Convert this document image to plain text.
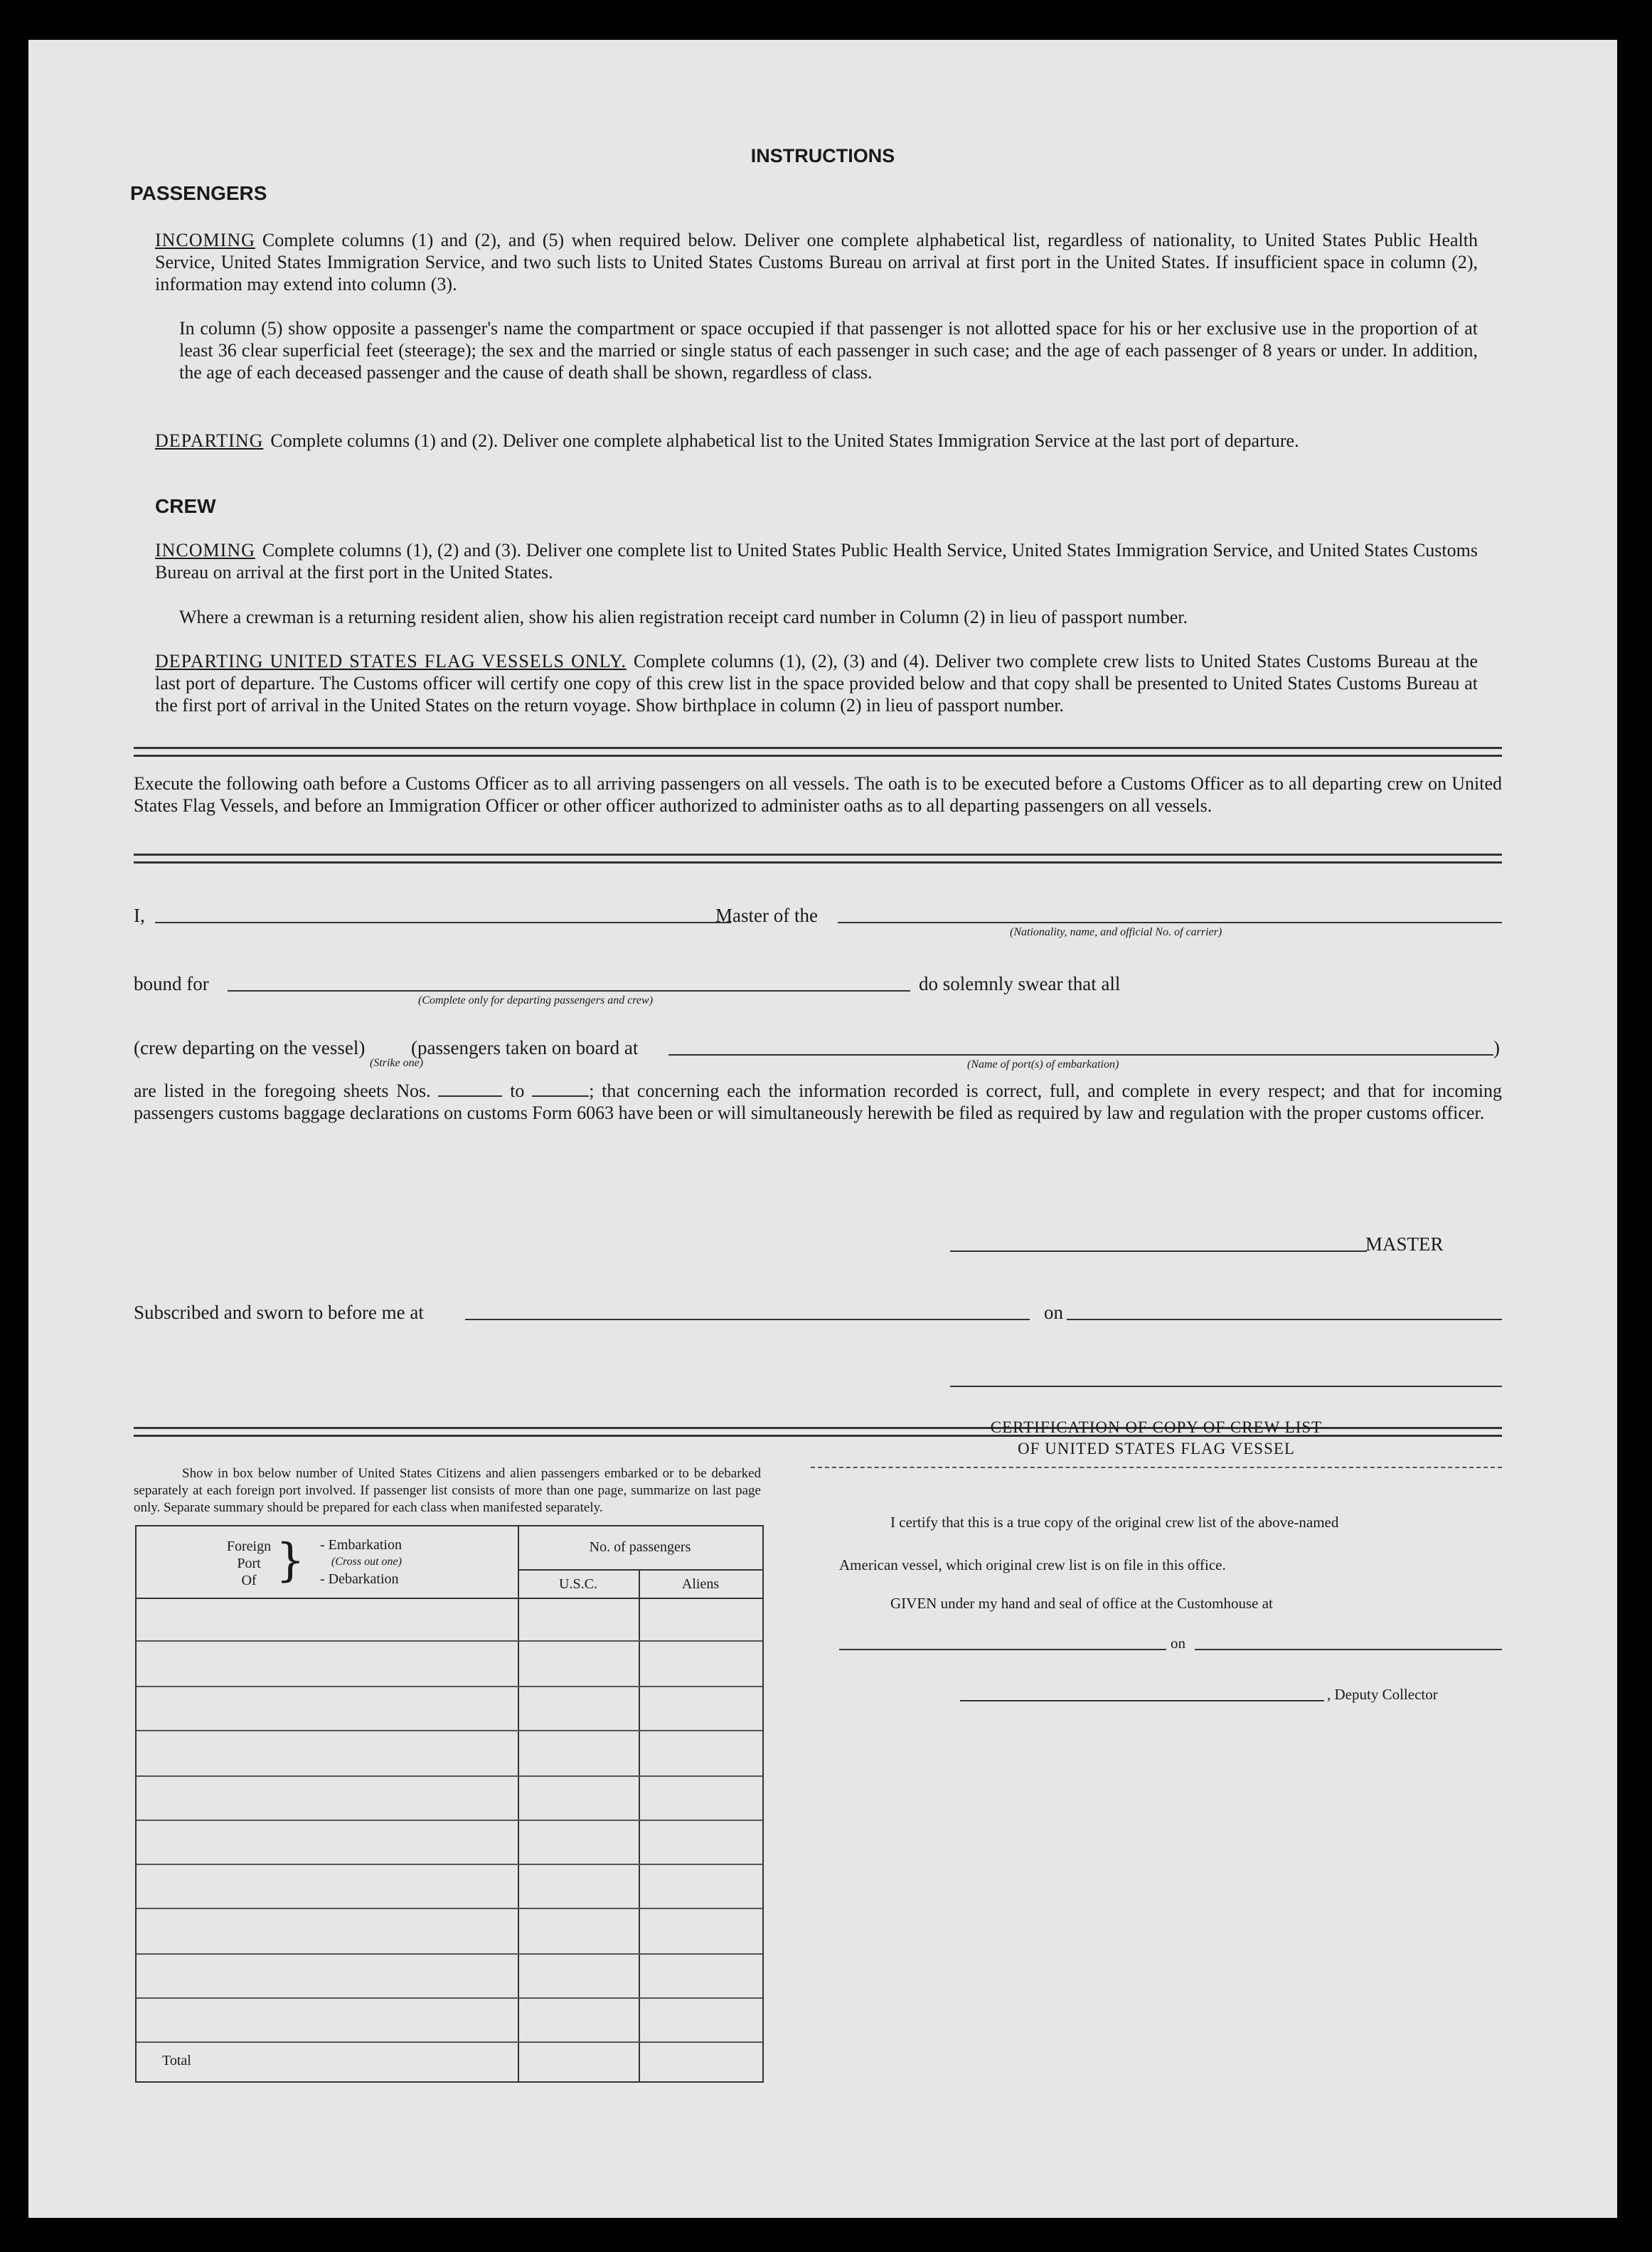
INSTRUCTIONS
PASSENGERS
INCOMING Complete columns (1) and (2), and (5) when required below. Deliver one complete alphabetical list, regardless of nationality, to United States Public Health Service, United States Immigration Service, and two such lists to United States Customs Bureau on arrival at first port in the United States. If insufficient space in column (2), information may extend into column (3).
In column (5) show opposite a passenger's name the compartment or space occupied if that passenger is not allotted space for his or her exclusive use in the proportion of at least 36 clear superficial feet (steerage); the sex and the married or single status of each passenger in such case; and the age of each passenger of 8 years or under. In addition, the age of each deceased passenger and the cause of death shall be shown, regardless of class.
DEPARTING Complete columns (1) and (2). Deliver one complete alphabetical list to the United States Immigration Service at the last port of departure.
CREW
INCOMING Complete columns (1), (2) and (3). Deliver one complete list to United States Public Health Service, United States Immigration Service, and United States Customs Bureau on arrival at the first port in the United States.
Where a crewman is a returning resident alien, show his alien registration receipt card number in Column (2) in lieu of passport number.
DEPARTING UNITED STATES FLAG VESSELS ONLY. Complete columns (1), (2), (3) and (4). Deliver two complete crew lists to United States Customs Bureau at the last port of departure. The Customs officer will certify one copy of this crew list in the space provided below and that copy shall be presented to United States Customs Bureau at the first port of arrival in the United States on the return voyage. Show birthplace in column (2) in lieu of passport number.
Execute the following oath before a Customs Officer as to all arriving passengers on all vessels. The oath is to be executed before a Customs Officer as to all departing crew on United States Flag Vessels, and before an Immigration Officer or other officer authorized to administer oaths as to all departing passengers on all vessels.
I,	Master of the
(Nationality, name, and official No. of carrier)
bound for
(Complete only for departing passengers and crew)
do solemnly swear that all
(crew departing on the vessel)
(Strike one)
(passengers taken on board at	)
(Name of port(s) of embarkation)
are listed in the foregoing sheets Nos.	to	; that concerning each the information recorded is correct, full, and complete in every respect; and that for incoming passengers customs baggage declarations on customs Form 6063 have been or will simultaneously herewith be filed as required by law and regulation with the proper customs officer.
MASTER
Subscribed and sworn to before me at	on
Show in box below number of United States Citizens and alien passengers embarked or to be debarked separately at each foreign port involved. If passenger list consists of more than one page, summarize on last page only. Separate summary should be prepared for each class when manifested separately.
Foreign
Port
Of } - Embarkation
(Cross out one)
- Debarkation
No. of passengers
U.S.C.	Aliens
Total
CERTIFICATION OF COPY OF CREW LIST
OF UNITED STATES FLAG VESSEL
I certify that this is a true copy of the original crew list of the above-named
American vessel, which original crew list is on file in this office.
GIVEN under my hand and seal of office at the Customhouse at
on
, Deputy Collector
